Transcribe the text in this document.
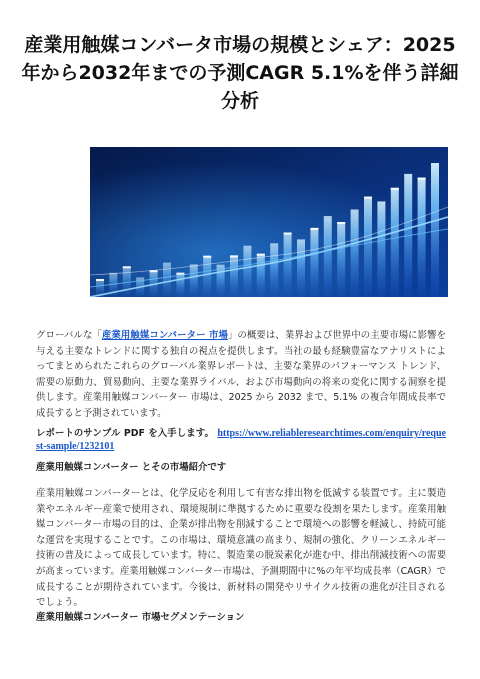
産業用触媒コンバータ市場の規模とシェア：2025年から2032年までの予測CAGR 5.1%を伴う詳細分析
グローバルな「産業用触媒コンバーター 市場」の概要は、業界および世界中の主要市場に影響を与える主要なトレンドに関する独自の視点を提供します。当社の最も経験豊富なアナリストによってまとめられたこれらのグローバル業界レポートは、主要な業界のパフォーマンス トレンド、需要の原動力、貿易動向、主要な業界ライバル、および市場動向の将来の変化に関する洞察を提供します。産業用触媒コンバーター 市場は、2025 から 2032 まで、5.1% の複合年間成長率で成長すると予測されています。
レポートのサンプル PDF を入手します。 https://www.reliableresearchtimes.com/enquiry/request-sample/1232101
産業用触媒コンバーター とその市場紹介です
産業用触媒コンバーターとは、化学反応を利用して有害な排出物を低減する装置です。主に製造業やエネルギー産業で使用され、環境規制に準拠するために重要な役割を果たします。産業用触媒コンバーター市場の目的は、企業が排出物を削減することで環境への影響を軽減し、持続可能な運営を実現することです。この市場は、環境意識の高まり、規制の強化、クリーンエネルギー技術の普及によって成長しています。特に、製造業の脱炭素化が進む中、排出削減技術への需要が高まっています。産業用触媒コンバーター市場は、予測期間中に%の年平均成長率（CAGR）で成長することが期待されています。今後は、新材料の開発やリサイクル技術の進化が注目されるでしょう。
産業用触媒コンバーター 市場セグメンテーション
